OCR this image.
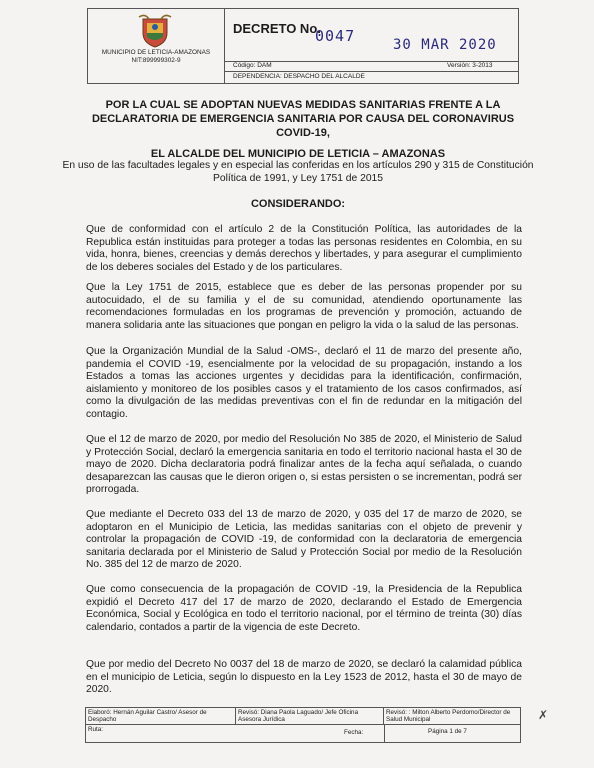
MUNICIPIO DE LETICIA-AMAZONAS
NIT:899999302-9
DECRETO No.
0047	30 MAR 2020
Código: DAM	Versión: 3-2013
DEPENDENCIA: DESPACHO DEL ALCALDE
POR LA CUAL SE ADOPTAN NUEVAS MEDIDAS SANITARIAS FRENTE A LA DECLARATORIA DE EMERGENCIA SANITARIA POR CAUSA DEL CORONAVIRUS COVID-19,
EL ALCALDE DEL MUNICIPIO DE LETICIA – AMAZONAS
En uso de las facultades legales y en especial las conferidas en los artículos 290 y 315 de Constitución Política de 1991, y Ley 1751 de 2015
CONSIDERANDO:

Que de conformidad con el artículo 2 de la Constitución Política, las autoridades de la Republica están instituidas para proteger a todas las personas residentes en Colombia, en su vida, honra, bienes, creencias y demás derechos y libertades, y para asegurar el cumplimiento de los deberes sociales del Estado y de los particulares.

Que la Ley 1751 de 2015, establece que es deber de las personas propender por su autocuidado, el de su familia y el de su comunidad, atendiendo oportunamente las recomendaciones formuladas en los programas de prevención y promoción, actuando de manera solidaria ante las situaciones que pongan en peligro la vida o la salud de las personas.

Que la Organización Mundial de la Salud -OMS-, declaró el 11 de marzo del presente año, pandemia el COVID -19, esencialmente por la velocidad de su propagación, instando a los Estados a tomas las acciones urgentes y decididas para la identificación, confirmación, aislamiento y monitoreo de los posibles casos y el tratamiento de los casos confirmados, así como la divulgación de las medidas preventivas con el fin de redundar en la mitigación del contagio.

Que el 12 de marzo de 2020, por medio del Resolución No 385 de 2020, el Ministerio de Salud y Protección Social, declaró la emergencia sanitaria en todo el territorio nacional hasta el 30 de mayo de 2020. Dicha declaratoria podrá finalizar antes de la fecha aquí señalada, o cuando desaparezcan las causas que le dieron origen o, si estas persisten o se incrementan, podrá ser prorrogada.

Que mediante el Decreto 033 del 13 de marzo de 2020, y 035 del 17 de marzo de 2020, se adoptaron en el Municipio de Leticia, las medidas sanitarias con el objeto de prevenir y controlar la propagación de COVID -19, de conformidad con la declaratoria de emergencia sanitaria declarada por el Ministerio de Salud y Protección Social por medio de la Resolución No. 385 del 12 de marzo de 2020.

Que como consecuencia de la propagación de COVID -19, la Presidencia de la Republica expidió el Decreto 417 del 17 de marzo de 2020, declarando el Estado de Emergencia Económica, Social y Ecológica en todo el territorio nacional, por el término de treinta (30) días calendario, contados a partir de la vigencia de este Decreto.

Que por medio del Decreto No 0037 del 18 de marzo de 2020, se declaró la calamidad pública en el municipio de Leticia, según lo dispuesto en la Ley 1523 de 2012, hasta el 30 de mayo de 2020.

Elaboró: Hernán Aguilar Castro/ Asesor de Despacho
Revisó: Diana Paola Laguado/ Jefe Oficina Asesora Jurídica
Revisó: : Milton Alberto Perdomo/Director de Salud Municipal
Ruta:	Fecha:	Página 1 de 7
✗
